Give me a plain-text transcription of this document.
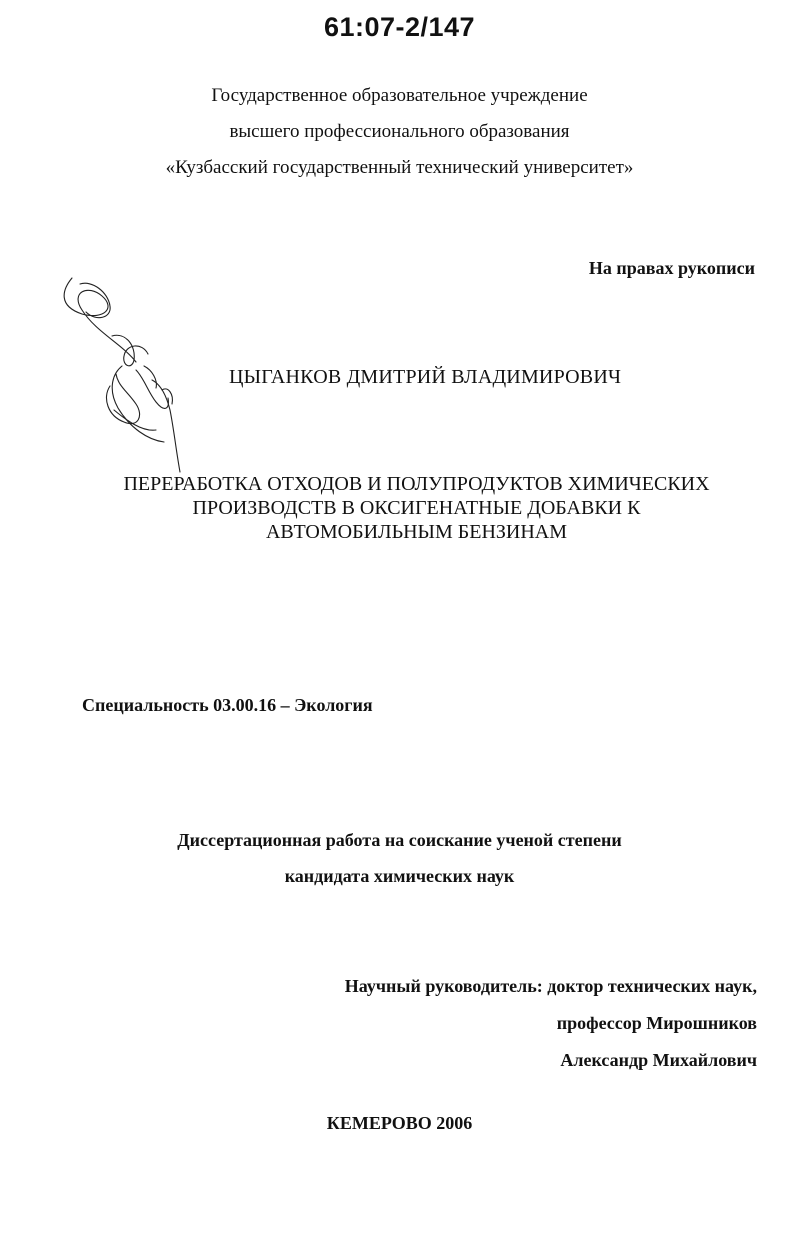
61:07-2/147
Государственное образовательное учреждение
высшего профессионального образования
«Кузбасский государственный технический университет»
На правах рукописи
ЦЫГАНКОВ ДМИТРИЙ ВЛАДИМИРОВИЧ
ПЕРЕРАБОТКА ОТХОДОВ И ПОЛУПРОДУКТОВ ХИМИЧЕСКИХ
ПРОИЗВОДСТВ В ОКСИГЕНАТНЫЕ ДОБАВКИ К
АВТОМОБИЛЬНЫМ БЕНЗИНАМ
Специальность 03.00.16 – Экология
Диссертационная работа на соискание ученой степени
кандидата химических наук
Научный руководитель: доктор технических наук,
профессор Мирошников
Александр Михайлович
КЕМЕРОВО 2006
